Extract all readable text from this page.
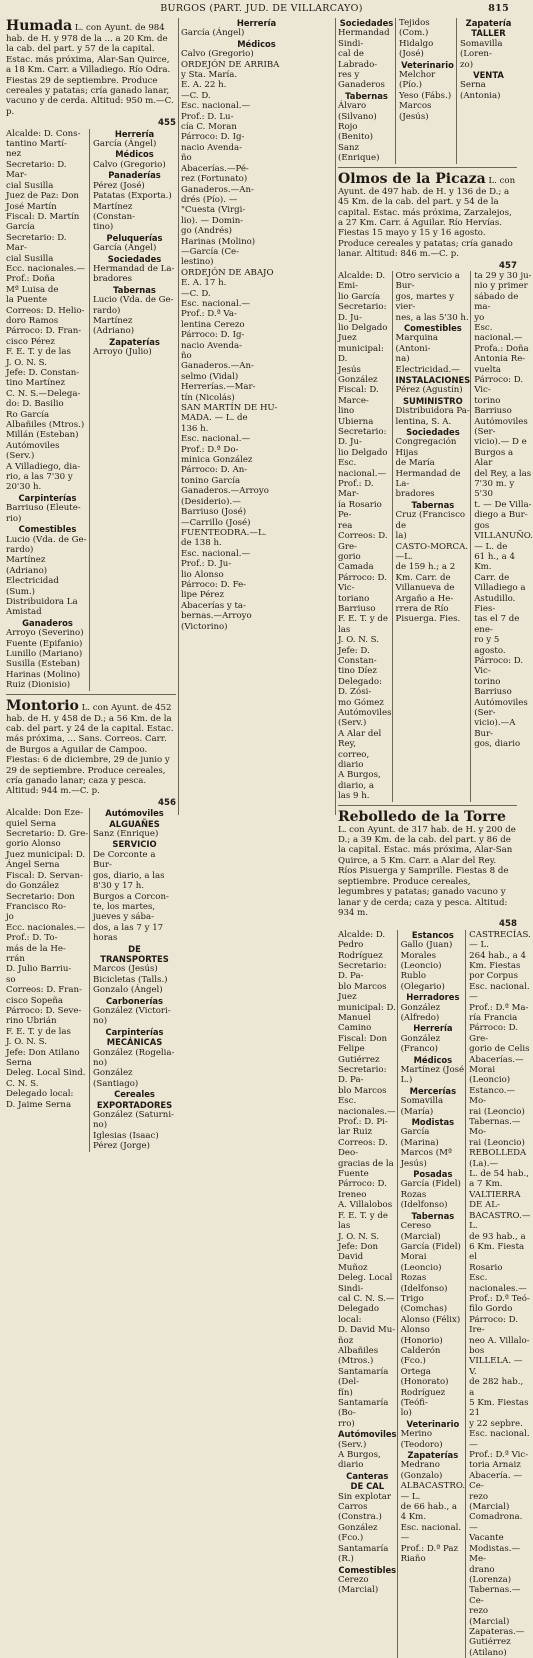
BURGOS (PART. JUD. DE VILLARCAYO)	815

Humada L. con Ayunt. de 984 hab. de H. y 978 de la ... a 20 Km. de la cab. del part. y 57 de la capital. Estac. más próxima, Alar-San Quirce, a 18 Km. Carr. a Villadiego. Río Odra. Fiestas 29 de septiembre. Produce cereales y patatas; cría ganado lanar, vacuno y de cerda. Altitud: 950 m.—C. p.

455

Alcalde: D. Cons-

tantino Martí-

nez

Secretario: D. Mar-

cial Susilla

Juez de Paz: Don

José Martín

Fiscal: D. Martín

García

Secretario: D. Mar-

cial Susilla

Ecc. nacionales.—

Prof.: Doña

Mª Luisa de

la Puente

Correos: D. Helio-

doro Ramos

Párroco: D. Fran-

cisco Pérez

F. E. T. y de las

J. O. N. S.

Jefe: D. Constan-

tino Martínez

C. N. S.—Delega-

do: D. Basilio

Ro García

Albañiles (Mtros.)

Millán (Esteban)

Autómoviles (Serv.)

A Villadiego, dia-

rio, a las 7'30 y

20'30 h.

Carpinterías

Barriuso (Eleute-

rio)

Comestibles

Lucio (Vda. de Ge-

rardo)

Martínez (Adriano)

Electricidad (Sum.)

Distribuidora La

Amistad

Ganaderos

Arroyo (Severino)

Fuente (Epifanio)

Lunillo (Mariano)

Susilla (Esteban)

Harinas (Molino)

Ruiz (Dionisio)

Herrería

García (Ángel)

Médicos

Calvo (Gregorio)

Panaderías

Pérez (José)

Patatas (Exporta.)

Martínez (Constan-

tino)

Peluquerías

García (Ángel)

Sociedades

Hermandad de La-

bradores

Tabernas

Lucio (Vda. de Ge-

rardo)

Martínez (Adriano)

Zapaterías

Arroyo (Julio)

Montorio L. con Ayunt. de 452 hab. de H. y 458 de D.; a 56 Km. de la cab. del part. y 24 de la capital. Estac. más próxima, ... Sans. Correos. Carr. de Burgos a Aguilar de Campoo. Fiestas: 6 de diciembre, 29 de junio y 29 de septiembre. Produce cereales, cría ganado lanar; caza y pesca. Altitud: 944 m.—C. p.

456

Alcalde: Don Eze-

quiel Serna

Secretario: D. Gre-

gorio Alonso

Juez municipal: D.

Ángel Serna

Fiscal: D. Servan-

do González

Secretario: Don

Francisco Ro-

jo

Ecc. nacionales.—

Prof.: D. To-

más de la He-

rrán

D. Julio Barriu-

so

Correos: D. Fran-

cisco Sopeña

Párroco: D. Seve-

rino Ubrián

F. E. T. y de las

J. O. N. S.

Jefe: Don Atilano

Serna

Deleg. Local Sind.

C. N. S.

Delegado local:

D. Jaime Serna

Autómoviles

ALGUAÑES

Sanz (Enrique)

SERVICIO

De Corconte a Bur-

gos, diario, a las

8'30 y 17 h.

Burgos a Corcon-

te, los martes,

jueves y sába-

dos, a las 7 y 17

horas

DE TRANSPORTES

Marcos (Jesús)

Bicicletas (Talls.)

Gonzalo (Ángel)

Carbonerías

González (Victori-

no)

Carpinterías

MECÁNICAS

González (Rogelia-

no)

González (Santiago)

Cereales

EXPORTADORES

González (Saturni-

no)

Iglesias (Isaac)

Pérez (Jorge)

Herrería

García (Ángel)

Médicos

Calvo (Gregorio)

ORDEJÓN DE ARRIBA

y Sta. María.

E. A. 22 h.

—C. D.

Esc. nacional.—

Prof.: D. Lu-

cía C. Moran

Párroco: D. Ig-

nacio Avenda-

ño

Abacerías.—Pé-

rez (Fortunato)

Ganaderos.—An-

drés (Pío). —

"Cuesta (Virgi-

lio). — Domin-

go (Andrés)

Harinas (Molino)

—García (Ce-

lestino)

ORDEJÓN DE ABAJO

E. A. 17 h.

—C. D.

Esc. nacional.—

Prof.: D.ª Va-

lentina Cerezo

Párroco: D. Ig-

nacio Avenda-

ño

Ganaderos.—An-

selmo (Vidal)

Herrerías.—Mar-

tín (Nicolás)

SAN MARTÍN DE HU-

MADA. — L. de

136 h.

Esc. nacional.—

Prof.: D.ª Do-

minica González

Párroco: D. An-

tonino García

Ganaderos.—Arroyo

(Desiderio).—

Barriuso (José)

—Carrillo (José)

FUENTEODRA.—L.

de 138 h.

Esc. nacional.—

Prof.: D. Ju-

lio Alonso

Párroco: D. Fe-

lipe Pérez

Abacerías y ta-

bernas.—Arroyo

(Victorino)

Sociedades

Hermandad Sindi-

cal de Labrado-

res y Ganaderos

Tabernas

Álvaro (Silvano)

Rojo (Benito)

Sanz (Enrique)

Tejidos (Com.)

Hidalgo (José)

Veterinario

Melchor (Pío.)

Yeso (Fábs.)

Marcos (Jesús)

Zapatería

TALLER

Somavilla (Loren-

zo)

VENTA

Serna (Antonia)

Olmos de la Picaza L. con Ayunt. de 497 hab. de H. y 136 de D.; a 45 Km. de la cab. del part. y 54 de la capital. Estac. más próxima, Zarzalejos, a 27 Km. Carr. á Aguilar. Río Hervías. Fiestas 15 mayo y 15 y 16 agosto. Produce cereales y patatas; cría ganado lanar. Altitud: 846 m.—C. p.

457

Alcalde: D. Emi-

lio García

Secretario: D. Ju-

lio Delgado

Juez municipal: D.

Jesús González

Fiscal: D. Marce-

lino Ubierna

Secretario: D. Ju-

lio Delgado

Esc. nacional.—

Prof.: D. Mar-

ía Rosario Pe-

rea

Correos: D. Gre-

gorio Camada

Párroco: D. Vic-

toriano Barriuso

F. E. T. y de las

J. O. N. S.

Jefe: D. Constan-

tino Díez

Delegado: D. Zósi-

mo Gómez

Autómoviles (Serv.)

A Alar del Rey,

correo, diario

A Burgos, diario, a

las 9 h.

Otro servicio a Bur-

gos, martes y vier-

nes, a las 5'30 h.

Comestibles

Marquina (Antoni-

na)

Electricidad.—

INSTALACIONES

Pérez (Agustín)

SUMINISTRO

Distribuidora Pa-

lentina, S. A.

Sociedades

Congregación Hijas

de María

Hermandad de La-

bradores

Tabernas

Cruz (Francisco de

la)

CASTO-MORCA.—L.

de 159 h.; a 2

Km. Carr. de

Villanueva de

Argaño a He-

rrera de Río

Pisuerga. Fies.

ta 29 y 30 ju-

nio y primer

sábado de ma-

yo

Esc. nacional.—

Profa.: Doña

Antonia Re-

vuelta

Párroco: D. Vic-

torino Barriuso

Autómoviles (Ser-

vicio).— D e

Burgos a Alar

del Rey, a las

7'30 m. y 5'30

t. — De Villa-

diego a Bur-

gos

VILLANUÑO.— L. de

61 h., a 4 Km.

Carr. de

Villadiego a

Astudillo. Fies-

tas el 7 de ene-

ro y 5 agosto.

Párroco: D. Vic-

torino Barriuso

Autómoviles (Ser-

vicio).—A Bur-

gos, diario

Rebolledo de la Torre L. con Ayunt. de 317 hab. de H. y 200 de D.; a 39 Km. de la cab. del part. y 86 de la capital. Estac. más próxima, Alar-San Quirce, a 5 Km. Carr. a Alar del Rey. Ríos Pisuerga y Samprille. Fiestas 8 de septiembre. Produce cereales, legumbres y patatas; ganado vacuno y lanar y de cerda; caza y pesca. Altitud: 934 m.

458

Alcalde: D. Pedro

Rodríguez

Secretario: D. Pa-

blo Marcos

Juez municipal: D.

Manuel Camino

Fiscal: Don Felipe

Gutiérrez

Secretario: D. Pa-

blo Marcos

Esc. nacionales.—

Prof.: D. Pi-

lar Ruiz

Correos: D. Deo-

gracias de la

Fuente

Párroco: D. Ireneo

A. Villalobos

F. E. T. y de las

J. O. N. S.

Jefe: Don David

Muñoz

Deleg. Local Sindi-

cal C. N. S.—

Delegado local:

D. David Mu-

ñoz

Albañiles (Mtros.)

Santamaría (Del-

fín)

Santamaría (Bo-

rro)

Autómoviles

(Serv.)

A Burgos, diario

Canteras

DE CAL

Sin explotar

Carros (Constra.)

González (Fco.)

Santamaría (R.)

Comestibles

Cerezo (Marcial)

Estancos

Gallo (Juan)

Morales (Leoncio)

Rublo (Olegario)

Herradores

González (Alfredo)

Herrería

González (Franco)

Médicos

Martínez (José L.)

Mercerías

Somavilla (María)

Modistas

García (Marina)

Marcos (Mª Jesús)

Posadas

García (Fidel)

Rozas (Idelfonso)

Tabernas

Cereso (Marcial)

García (Fidel)

Morai (Leoncio)

Rozas (Idelfonso)

Trigo (Comchas)

Alonso (Félix)

Alonso (Honorio)

Calderón (Fco.)

Ortega (Honorato)

Rodríguez (Teófi-

lo)

Veterinario

Merino (Teodoro)

Zapaterías

Medrano (Gonzalo)

ALBACASTRO.— L.

de 66 hab., a

4 Km.

Esc. nacional.—

Prof.: D.ª Paz

Riaño

CASTRECÍAS. — L.

264 hab., a 4

Km. Fiestas

por Corpus

Esc. nacional.—

Prof.: D.ª Ma-

ría Francia

Párroco: D. Gre-

gorio de Celis

Abacerías.—Morai

(Leoncio)

Estanco.— Mo-

rai (Leoncio)

Tabernas.— Mo-

rai (Leoncio)

REBOLLEDA (La).—

L. de 54 hab.,

a 7 Km.

VALTIERRA DE AL-

BACASTRO.—L.

de 93 hab., a

6 Km. Fiesta el

Rosario

Esc. nacionales.—

Prof.: D.ª Teó-

filo Gordo

Párroco: D. Ire-

neo A. Villalo-

bos

VILLELA. — V.

de 282 hab., a

5 Km. Fiestas 21

y 22 sepbre.

Esc. nacional.—

Prof.: D.ª Vic-

toria Arnaiz

Abacería. — Ce-

rezo (Marcial)

Comadrona. —

Vacante

Modistas.— Me-

drano (Lorenza)

Tabernas.— Ce-

rezo (Marcial)

Zapateras.—Gutiérrez

(Atilano)
